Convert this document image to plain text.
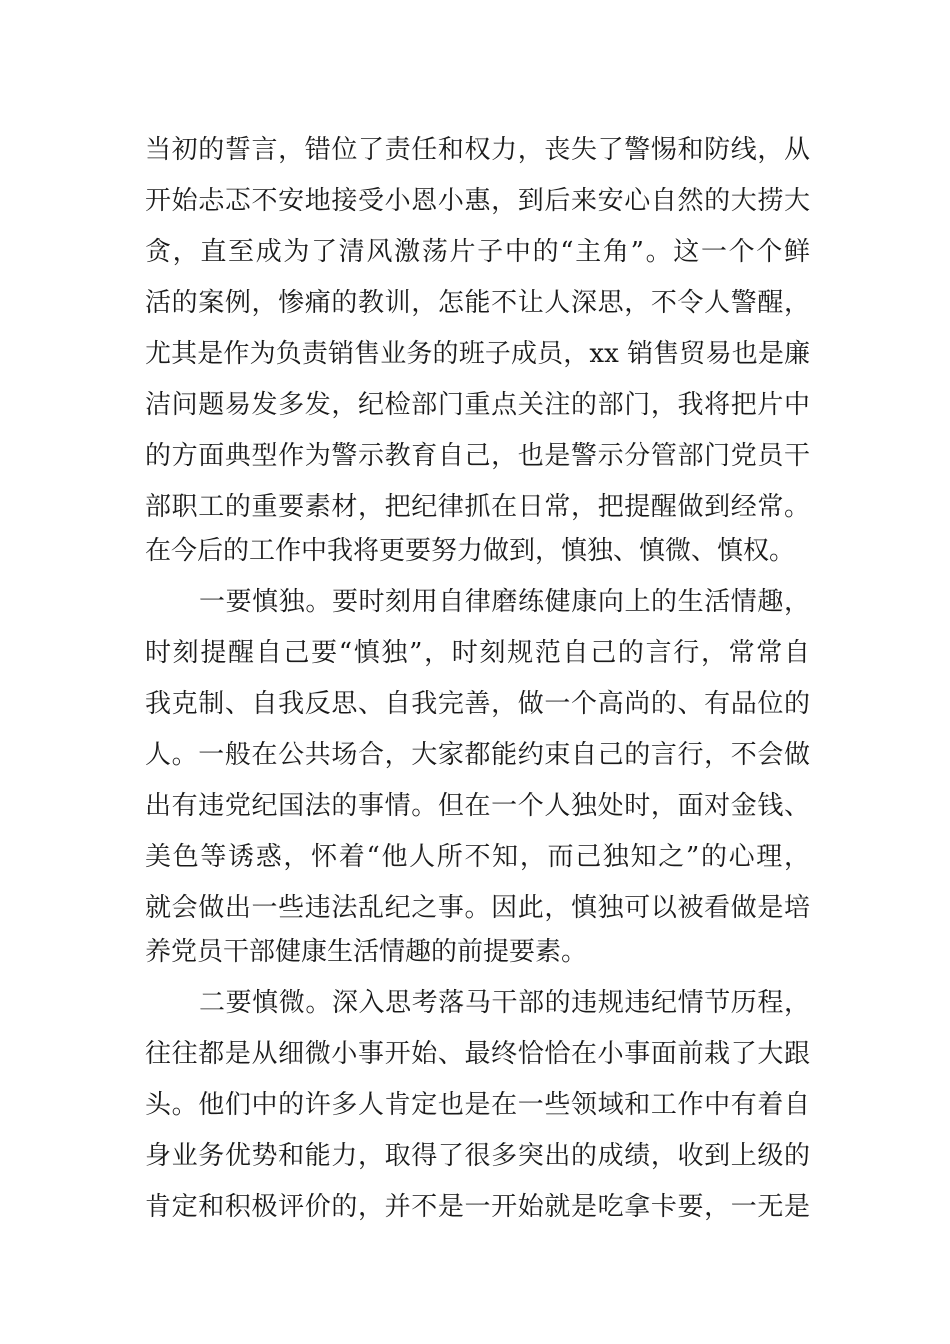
当初的誓言，错位了责任和权力，丧失了警惕和防线，从
开始忐忑不安地接受小恩小惠，到后来安心自然的大捞大
贪，直至成为了清风激荡片子中的“主角”。这一个个鲜
活的案例，惨痛的教训，怎能不让人深思，不令人警醒，
尤其是作为负责销售业务的班子成员，xx 销售贸易也是廉
洁问题易发多发，纪检部门重点关注的部门，我将把片中
的方面典型作为警示教育自己，也是警示分管部门党员干
部职工的重要素材，把纪律抓在日常，把提醒做到经常。
在今后的工作中我将更要努力做到，慎独、慎微、慎权。
一要慎独。要时刻用自律磨练健康向上的生活情趣，
时刻提醒自己要“慎独”，时刻规范自己的言行，常常自
我克制、自我反思、自我完善，做一个高尚的、有品位的
人。一般在公共场合，大家都能约束自己的言行，不会做
出有违党纪国法的事情。但在一个人独处时，面对金钱、
美色等诱惑，怀着“他人所不知，而己独知之”的心理，
就会做出一些违法乱纪之事。因此，慎独可以被看做是培
养党员干部健康生活情趣的前提要素。
二要慎微。深入思考落马干部的违规违纪情节历程，
往往都是从细微小事开始、最终恰恰在小事面前栽了大跟
头。他们中的许多人肯定也是在一些领域和工作中有着自
身业务优势和能力，取得了很多突出的成绩，收到上级的
肯定和积极评价的，并不是一开始就是吃拿卡要，一无是
